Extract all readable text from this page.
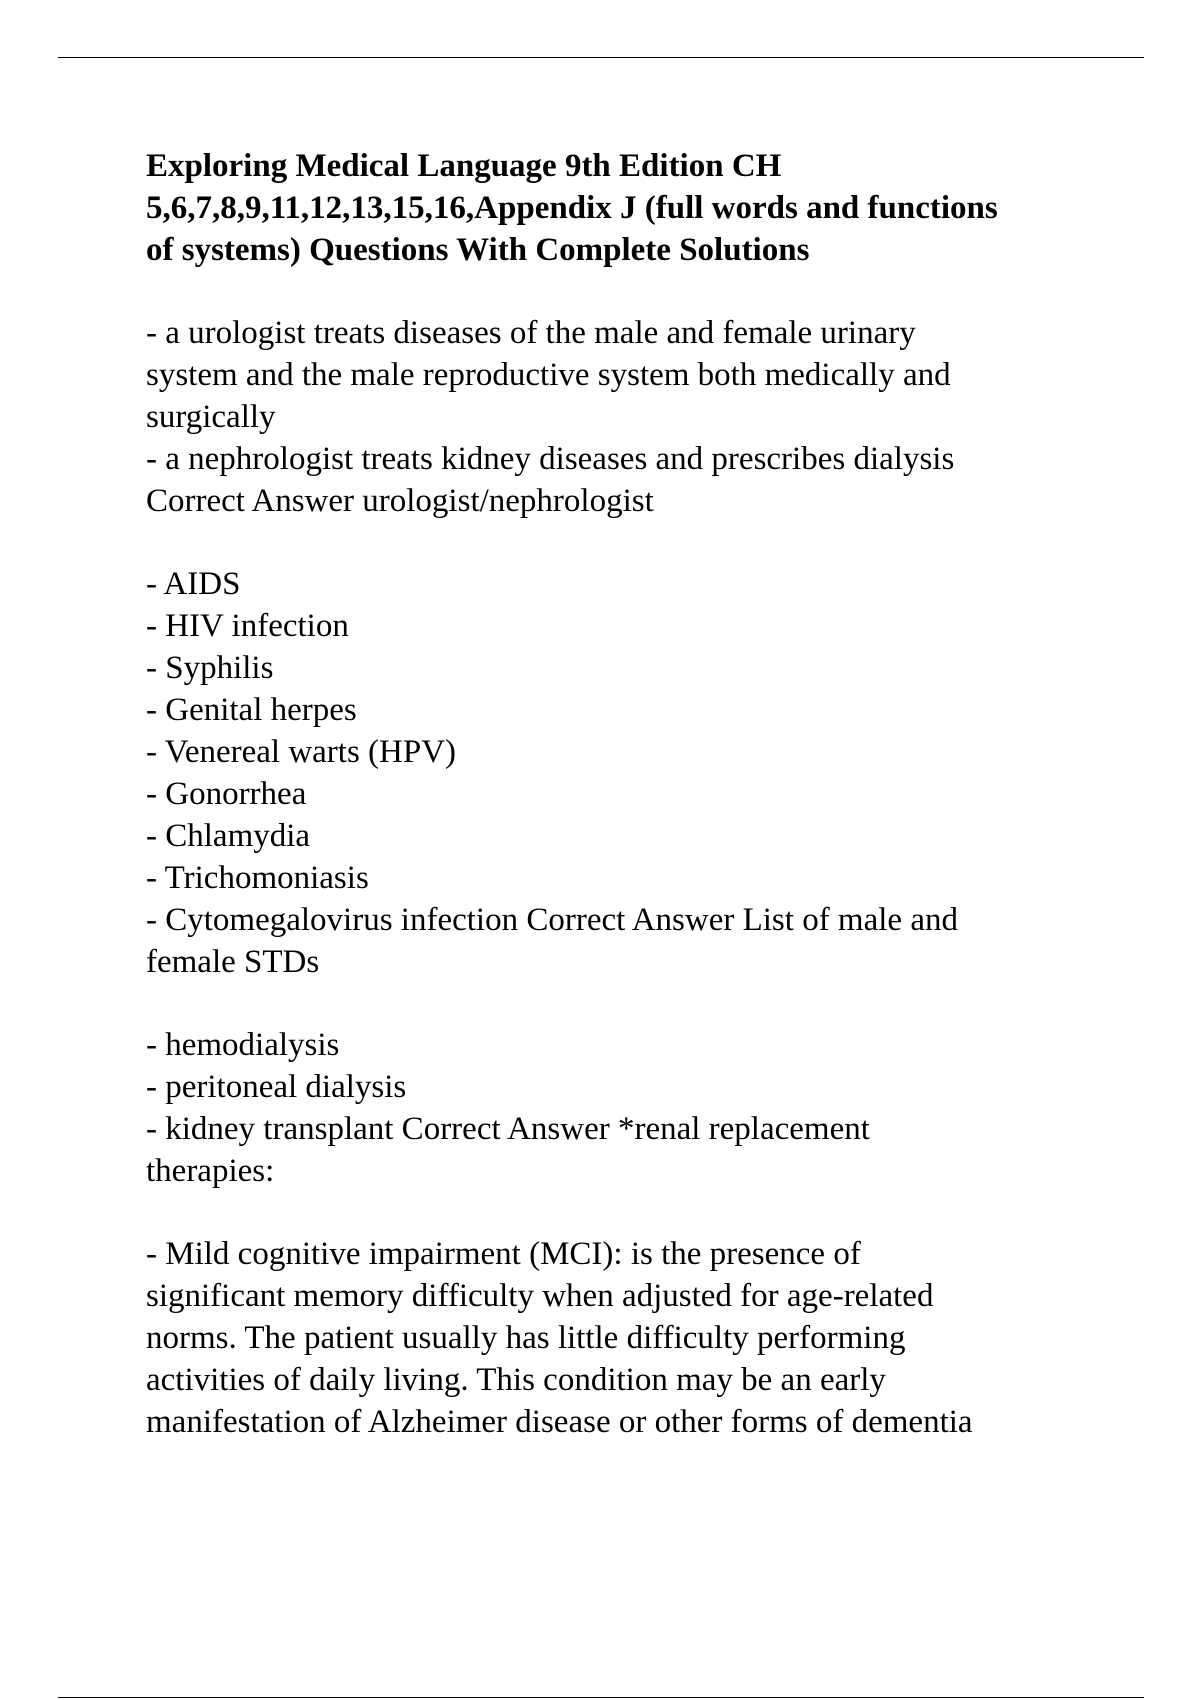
Exploring Medical Language 9th Edition CH
5,6,7,8,9,11,12,13,15,16,Appendix J (full words and functions
of systems) Questions With Complete Solutions
- a urologist treats diseases of the male and female urinary
system and the male reproductive system both medically and
surgically
- a nephrologist treats kidney diseases and prescribes dialysis
Correct Answer urologist/nephrologist
- AIDS
- HIV infection
- Syphilis
- Genital herpes
- Venereal warts (HPV)
- Gonorrhea
- Chlamydia
- Trichomoniasis
- Cytomegalovirus infection Correct Answer List of male and
female STDs
- hemodialysis
- peritoneal dialysis
- kidney transplant Correct Answer *renal replacement
therapies:
- Mild cognitive impairment (MCI): is the presence of
significant memory difficulty when adjusted for age-related
norms. The patient usually has little difficulty performing
activities of daily living. This condition may be an early
manifestation of Alzheimer disease or other forms of dementia
